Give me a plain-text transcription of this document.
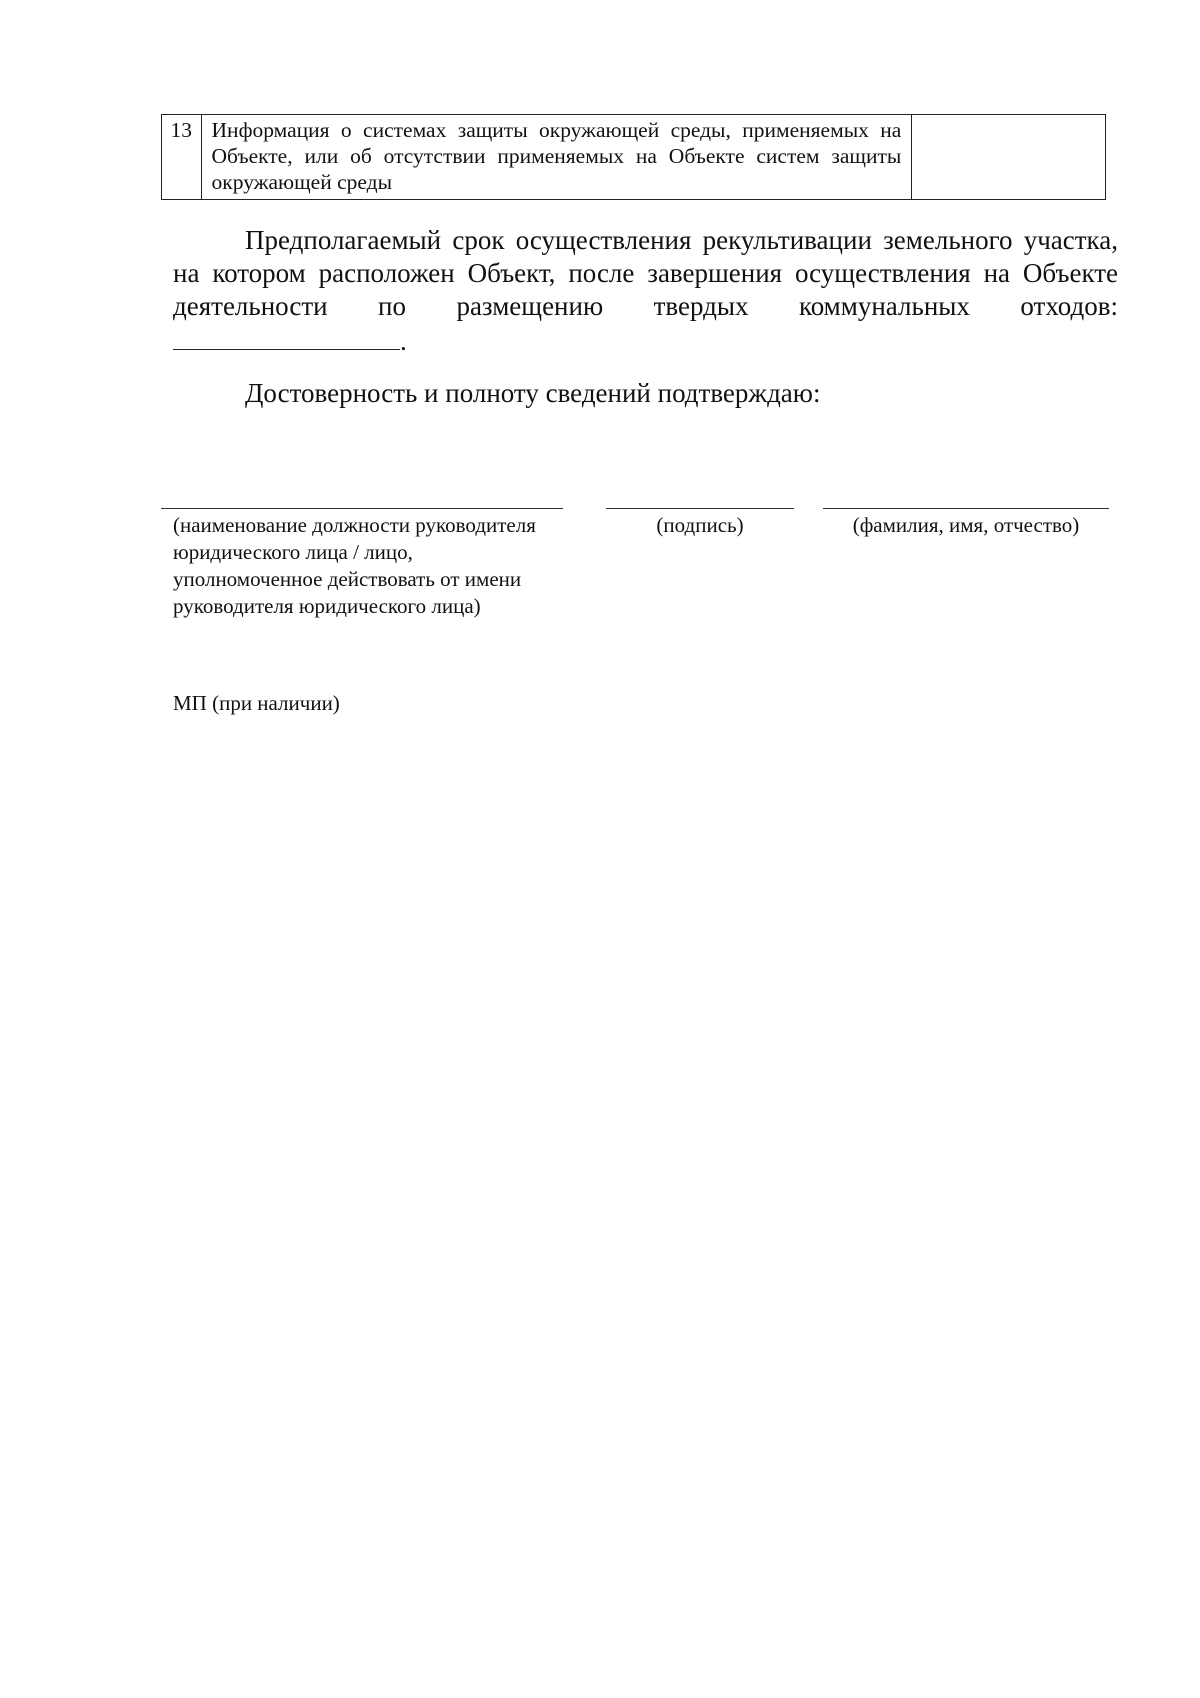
13	Информация о системах защиты окружающей среды, применяемых на Объекте, или об отсутствии применяемых на Объекте систем защиты окружающей среды	
Предполагаемый срок осуществления рекультивации земельного участка, на котором расположен Объект, после завершения осуществления на Объекте деятельности по размещению твердых коммунальных отходов: .
Достоверность и полноту сведений подтверждаю:
(наименование должности руководителя юридического лица / лицо, уполномоченное действовать от имени руководителя юридического лица)
(подпись)	(фамилия, имя, отчество)
МП (при наличии)
